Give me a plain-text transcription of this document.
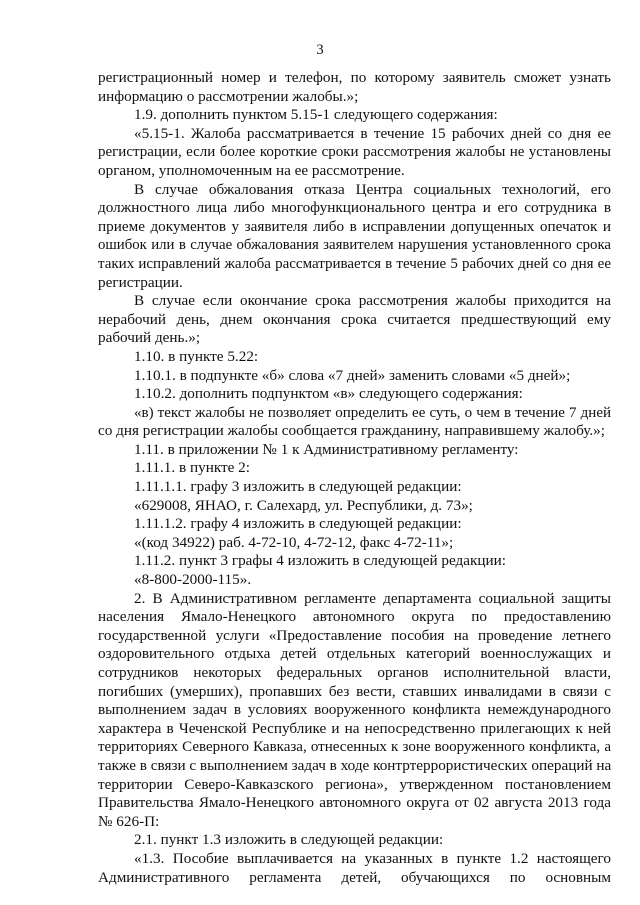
3
регистрационный номер и телефон, по которому заявитель сможет узнать
информацию о рассмотрении жалобы.»;
1.9. дополнить пунктом 5.15-1 следующего содержания:
«5.15-1. Жалоба рассматривается в течение 15 рабочих дней со дня ее
регистрации, если более короткие сроки рассмотрения жалобы не установлены
органом, уполномоченным на ее рассмотрение.
В случае обжалования отказа Центра социальных технологий, его
должностного лица либо многофункционального центра и его сотрудника в
приеме документов у заявителя либо в исправлении допущенных опечаток и
ошибок или в случае обжалования заявителем нарушения установленного срока
таких исправлений жалоба рассматривается в течение 5 рабочих дней со дня ее
регистрации.
В случае если окончание срока рассмотрения жалобы приходится на
нерабочий день, днем окончания срока считается предшествующий ему
рабочий день.»;
1.10. в пункте 5.22:
1.10.1. в подпункте «б» слова «7 дней» заменить словами «5 дней»;
1.10.2. дополнить подпунктом «в» следующего содержания:
«в) текст жалобы не позволяет определить ее суть, о чем в течение 7 дней
со дня регистрации жалобы сообщается гражданину, направившему жалобу.»;
1.11. в приложении № 1 к Административному регламенту:
1.11.1. в пункте 2:
1.11.1.1. графу 3 изложить в следующей редакции:
«629008, ЯНАО, г. Салехард, ул. Республики, д. 73»;
1.11.1.2. графу 4 изложить в следующей редакции:
«(код 34922) раб. 4-72-10, 4-72-12, факс 4-72-11»;
1.11.2. пункт 3 графы 4 изложить в следующей редакции:
«8-800-2000-115».
2. В Административном регламенте департамента социальной защиты
населения Ямало-Ненецкого автономного округа по предоставлению
государственной услуги «Предоставление пособия на проведение летнего
оздоровительного отдыха детей отдельных категорий военнослужащих и
сотрудников некоторых федеральных органов исполнительной власти,
погибших (умерших), пропавших без вести, ставших инвалидами в связи с
выполнением задач в условиях вооруженного конфликта немеждународного
характера в Чеченской Республике и на непосредственно прилегающих к ней
территориях Северного Кавказа, отнесенных к зоне вооруженного конфликта, а
также в связи с выполнением задач в ходе контртеррористических операций на
территории Северо-Кавказского региона», утвержденном постановлением
Правительства Ямало-Ненецкого автономного округа от 02 августа 2013 года
№ 626-П:
2.1. пункт 1.3 изложить в следующей редакции:
«1.3. Пособие выплачивается на указанных в пункте 1.2 настоящего
Административного регламента детей, обучающихся по основным
